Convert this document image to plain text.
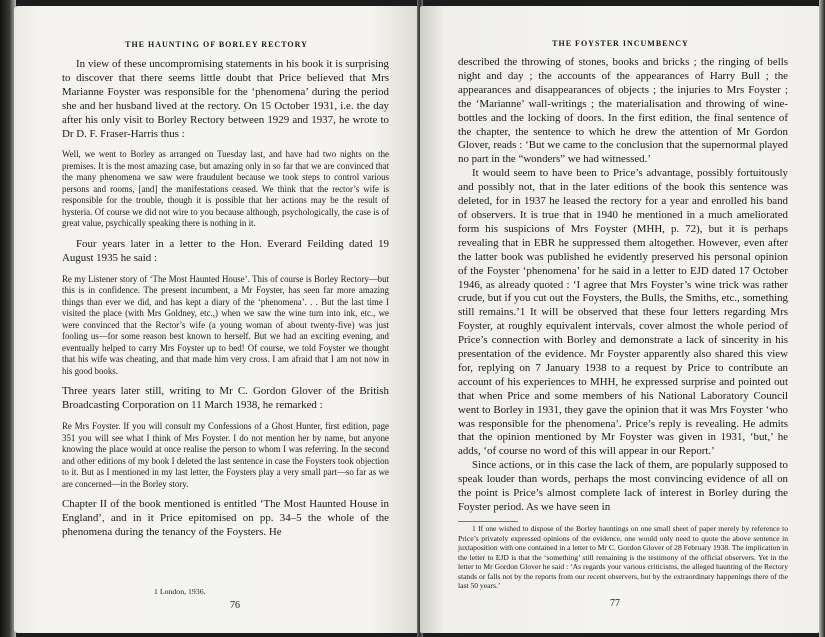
THE HAUNTING OF BORLEY RECTORY

In view of these uncompromising statements in his book it is surprising to discover that there seems little doubt that Price believed that Mrs Marianne Foyster was responsible for the ‘phenomena’ during the period she and her husband lived at the rectory. On 15 October 1931, i.e. the day after his only visit to Borley Rectory between 1929 and 1937, he wrote to Dr D. F. Fraser-Harris thus :

Well, we went to Borley as arranged on Tuesday last, and have had two nights on the premises. It is the most amazing case, but amazing only in so far that we are convinced that the many phenomena we saw were fraudulent because we took steps to control various persons and rooms, [and] the manifestations ceased. We think that the rector’s wife is responsible for the trouble, though it is possible that her actions may be the result of hysteria. Of course we did not wire to you because although, psychologically, the case is of great value, psychically speaking there is nothing in it.

Four years later in a letter to the Hon. Everard Feilding dated 19 August 1935 he said :

Re my Listener story of ‘The Most Haunted House’. This of course is Borley Rectory—but this is in confidence. The present incumbent, a Mr Foyster, has seen far more amazing things than ever we did, and has kept a diary of the ‘phenomena’. . . But the last time I visited the place (with Mrs Goldney, etc.,) when we saw the wine turn into ink, etc., we were convinced that the Rector’s wife (a young woman of about twenty-five) was just fooling us—for some reason best known to herself. But we had an exciting evening, and eventually helped to carry Mrs Foyster up to bed! Of course, we told Foyster we thought that his wife was cheating, and that made him very cross. I am afraid that I am not now in his good books.

Three years later still, writing to Mr C. Gordon Glover of the British Broadcasting Corporation on 11 March 1938, he remarked :

Re Mrs Foyster. If you will consult my Confessions of a Ghost Hunter, first edition, page 351 you will see what I think of Mrs Foyster. I do not mention her by name, but anyone knowing the place would at once realise the person to whom I was referring. In the second and other editions of my book I deleted the last sentence in case the Foysters took objection to it. But as I mentioned in my last letter, the Foysters play a very small part—so far as we are concerned—in the Borley story.

Chapter II of the book mentioned is entitled ‘The Most Haunted House in England’, and in it Price epitomised on pp. 34–5 the whole of the phenomena during the tenancy of the Foysters. He

1 London, 1936.
76
THE FOYSTER INCUMBENCY

described the throwing of stones, books and bricks ; the ringing of bells night and day ; the accounts of the appearances of Harry Bull ; the appearances and disappearances of objects ; the injuries to Mrs Foyster ; the ‘Marianne’ wall-writings ; the materialisation and throwing of wine-bottles and the locking of doors. In the first edition, the final sentence of the chapter, the sentence to which he drew the attention of Mr Gordon Glover, reads : ‘But we came to the conclusion that the supernormal played no part in the “wonders” we had witnessed.’

It would seem to have been to Price’s advantage, possibly fortuitously and possibly not, that in the later editions of the book this sentence was deleted, for in 1937 he leased the rectory for a year and enrolled his band of observers. It is true that in 1940 he mentioned in a much ameliorated form his suspicions of Mrs Foyster (MHH, p. 72), but it is perhaps revealing that in EBR he suppressed them altogether. However, even after the latter book was published he evidently preserved his personal opinion of the Foyster ‘phenomena’ for he said in a letter to EJD dated 17 October 1946, as already quoted : ‘I agree that Mrs Foyster’s wine trick was rather crude, but if you cut out the Foysters, the Bulls, the Smiths, etc., something still remains.’1 It will be observed that these four letters regarding Mrs Foyster, at roughly equivalent intervals, cover almost the whole period of Price’s connection with Borley and demonstrate a lack of sincerity in his presentation of the evidence. Mr Foyster apparently also shared this view for, replying on 7 January 1938 to a request by Price to contribute an account of his experiences to MHH, he expressed surprise and pointed out that when Price and some members of his National Laboratory Council went to Borley in 1931, they gave the opinion that it was Mrs Foyster ‘who was responsible for the phenomena’. Price’s reply is revealing. He admits that the opinion mentioned by Mr Foyster was given in 1931, ‘but,’ he adds, ‘of course no word of this will appear in our Report.’

Since actions, or in this case the lack of them, are popularly supposed to speak louder than words, perhaps the most convincing evidence of all on the point is Price’s almost complete lack of interest in Borley during the Foyster period. As we have seen in

1 If one wished to dispose of the Borley hauntings on one small sheet of paper merely by reference to Price’s privately expressed opinions of the evidence, one would only need to quote the above sentence in juxtaposition with one contained in a letter to Mr C. Gordon Glover of 28 February 1938. The implication in the letter to EJD is that the ‘something’ still remaining is the testimony of the official observers. Yet in the letter to Mr Gordon Glover he said : ‘As regards your various criticisms, the alleged haunting of the Rectory stands or falls not by the reports from our recent observers, but by the extraordinary happenings there of the last 50 years.’

77
